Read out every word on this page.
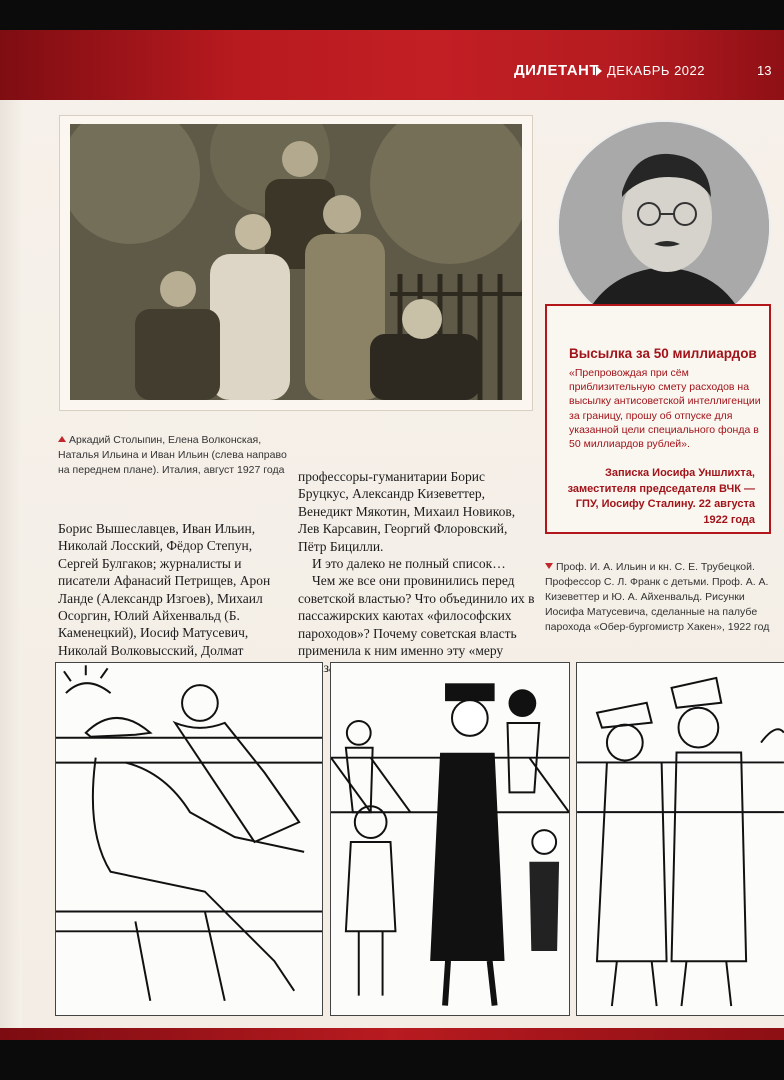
ДИЛЕТАНТ ДЕКАБРЬ 2022	13
Аркадий Столыпин, Елена Волконская, Наталья Ильина и Иван Ильин (слева направо на переднем плане). Италия, август 1927 года

Борис Вышеславцев, Иван Ильин, Николай Лосский, Фёдор Степун, Сергей Булгаков; журналисты и писатели Афанасий Петрищев, Арон Ланде (Александр Изгоев), Михаил Осоргин, Юлий Айхенвальд (Б. Каменецкий), Иосиф Матусевич, Николай Волковысский, Долмат

профессоры-гуманитарии Борис Бруцкус, Александр Кизеветтер, Венедикт Мякотин, Михаил Новиков, Лев Карсавин, Георгий Флоровский, Пётр Бицилли.

И это далеко не полный список…

Чем же все они провинились перед советской властью? Что объединило их в пассажирских каютах «философских пароходов»? Почему советская власть применила к ним именно эту «меру

Высылка за 50 миллиардов
«Препровождая при сём приблизительную смету расходов на высылку антисоветской интеллигенции за границу, прошу об отпуске для указанной цели специального фонда в 50 миллиардов рублей».
Записка Иосифа Уншлихта, заместителя председателя ВЧК — ГПУ, Иосифу Сталину. 22 августа 1922 года
Проф. И. А. Ильин и кн. С. Е. Трубецкой. Профессор С. Л. Франк с детьми. Проф. А. А. Кизеветтер и Ю. А. Айхенвальд. Рисунки Иосифа Матусевича, сделанные на палубе парохода «Обер-бургомистр Хакен», 1922 год
